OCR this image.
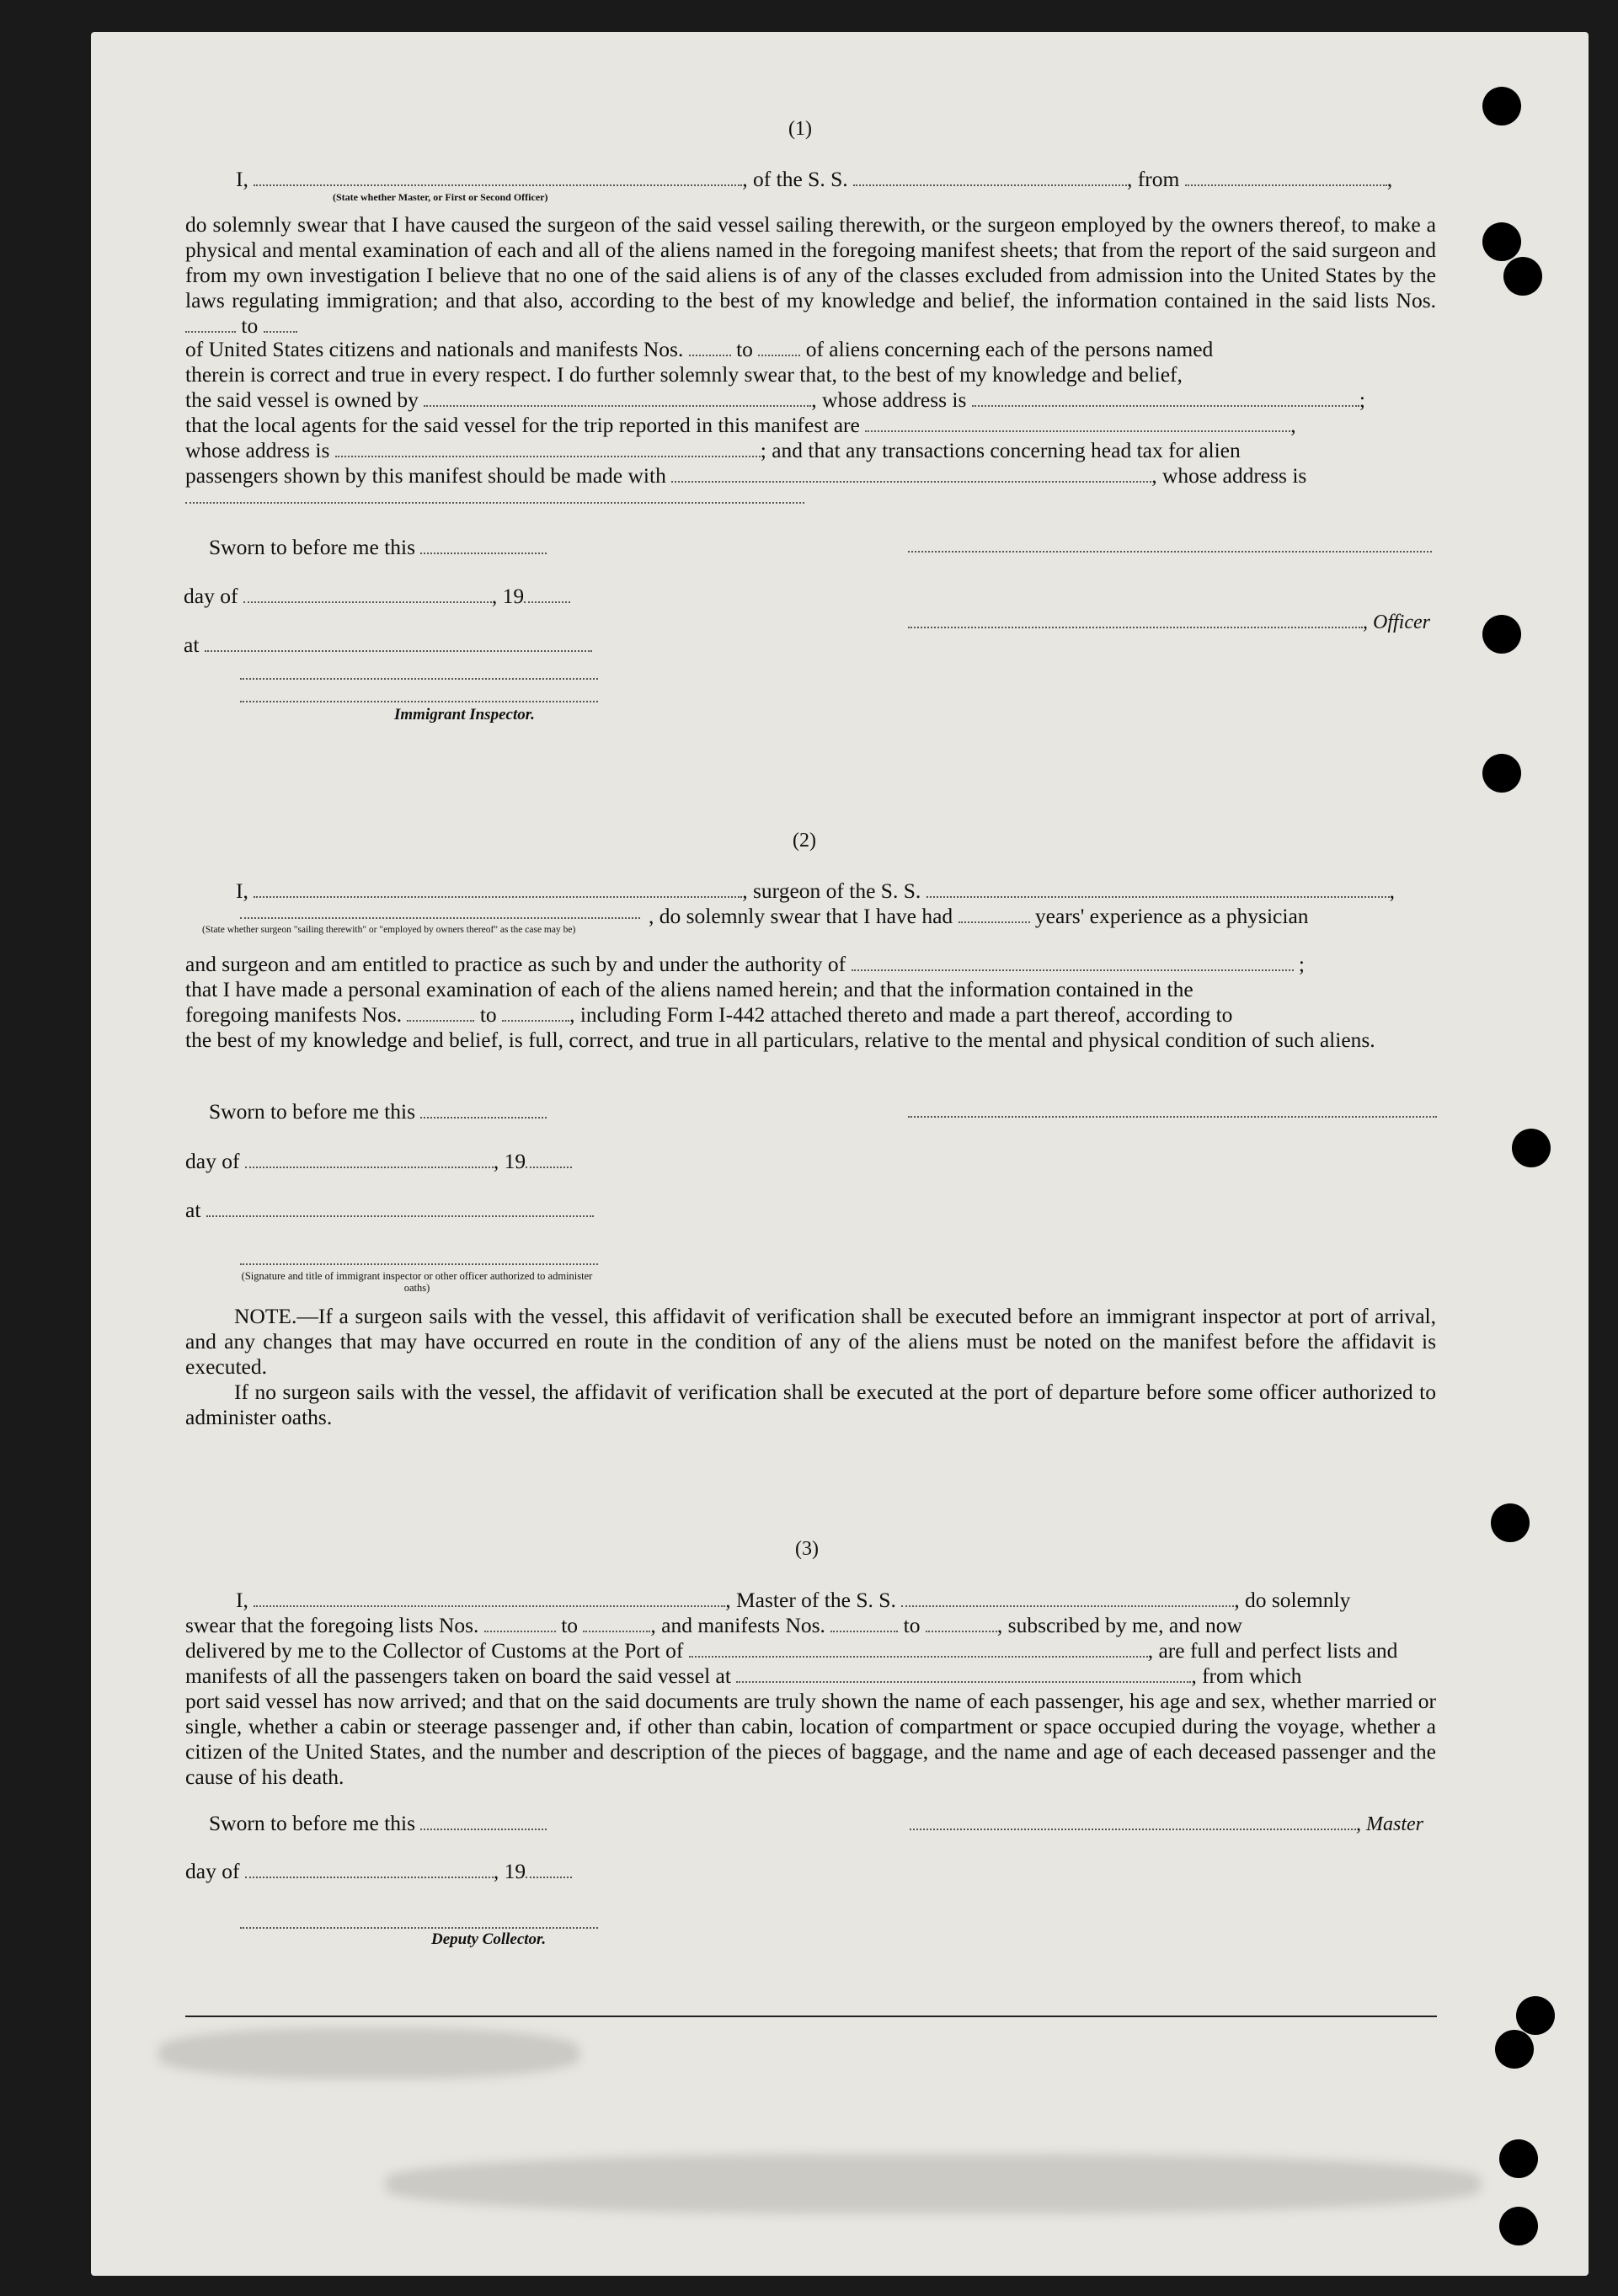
(1)
I,	, of the S. S.	, from	,
(State whether Master, or First or Second Officer)
do solemnly swear that I have caused the surgeon of the said vessel sailing therewith, or the surgeon employed by the owners thereof, to make a physical and mental examination of each and all of the aliens named in the foregoing manifest sheets; that from the report of the said surgeon and from my own investigation I believe that no one of the said aliens is of any of the classes excluded from admission into the United States by the laws regulating immigration; and that also, according to the best of my knowledge and belief, the information contained in the said lists Nos.  to
of United States citizens and nationals and manifests Nos. to of aliens concerning each of the persons named
therein is correct and true in every respect. I do further solemnly swear that, to the best of my knowledge and belief,
the said vessel is owned by	, whose address is	;
that the local agents for the said vessel for the trip reported in this manifest are	,
whose address is	; and that any transactions concerning head tax for alien
passengers shown by this manifest should be made with	, whose address is
Sworn to before me this
day of	, 19
, Officer
at
Immigrant Inspector.
(2)
I,	, surgeon of the S. S.	,
, do solemnly swear that I have had	years' experience as a physician
(State whether surgeon "sailing therewith" or "employed by owners thereof" as the case may be)
and surgeon and am entitled to practice as such by and under the authority of	;
that I have made a personal examination of each of the aliens named herein; and that the information contained in the
foregoing manifests Nos.	to	, including Form I-442 attached thereto and made a part thereof, according to
the best of my knowledge and belief, is full, correct, and true in all particulars, relative to the mental and physical condition of such aliens.
Sworn to before me this
day of	, 19
at
(Signature and title of immigrant inspector or other officer authorized to administer oaths)
NOTE.—If a surgeon sails with the vessel, this affidavit of verification shall be executed before an immigrant inspector at port of arrival, and any changes that may have occurred en route in the condition of any of the aliens must be noted on the manifest before the affidavit is executed.
If no surgeon sails with the vessel, the affidavit of verification shall be executed at the port of departure before some officer authorized to administer oaths.
(3)
I,	, Master of the S. S.	, do solemnly
swear that the foregoing lists Nos.	to	, and manifests Nos.	to	, subscribed by me, and now
delivered by me to the Collector of Customs at the Port of	, are full and perfect lists and
manifests of all the passengers taken on board the said vessel at	, from which
port said vessel has now arrived; and that on the said documents are truly shown the name of each passenger, his age and sex, whether married or single, whether a cabin or steerage passenger and, if other than cabin, location of compartment or space occupied during the voyage, whether a citizen of the United States, and the number and description of the pieces of baggage, and the name and age of each deceased passenger and the cause of his death.
Sworn to before me this	, Master
day of	, 19
Deputy Collector.
